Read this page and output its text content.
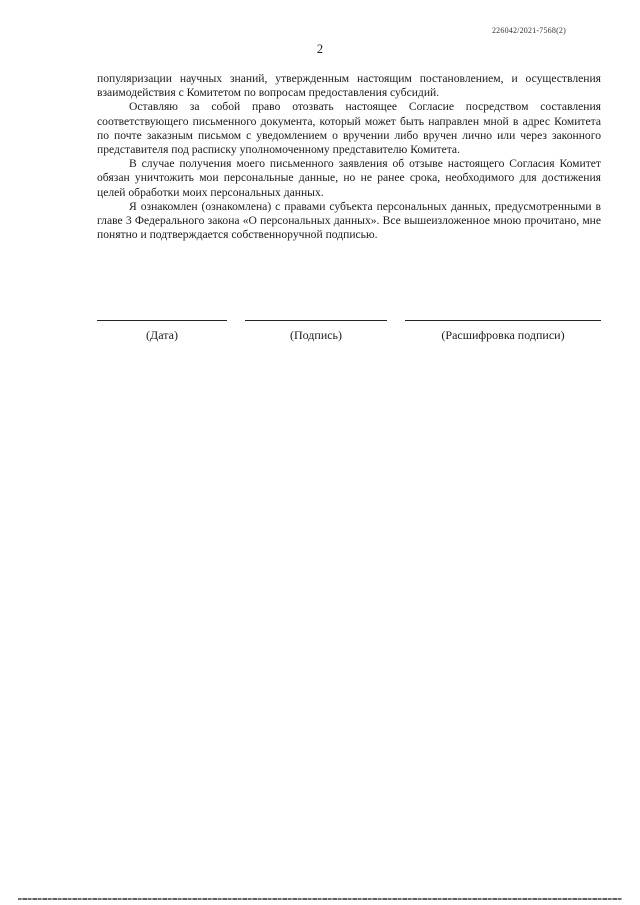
226042/2021-7568(2)
2

популяризации научных знаний, утвержденным настоящим постановлением, и осуществления взаимодействия с Комитетом по вопросам предоставления субсидий.

Оставляю за собой право отозвать настоящее Согласие посредством составления соответствующего письменного документа, который может быть направлен мной в адрес Комитета по почте заказным письмом с уведомлением о вручении либо вручен лично или через законного представителя под расписку уполномоченному представителю Комитета.

В случае получения моего письменного заявления об отзыве настоящего Согласия Комитет обязан уничтожить мои персональные данные, но не ранее срока, необходимого для достижения целей обработки моих персональных данных.

Я ознакомлен (ознакомлена) с правами субъекта персональных данных, предусмотренными в главе 3 Федерального закона «О персональных данных». Все вышеизложенное мною прочитано, мне понятно и подтверждается собственноручной подписью.

(Дата)	(Подпись)	(Расшифровка подписи)
